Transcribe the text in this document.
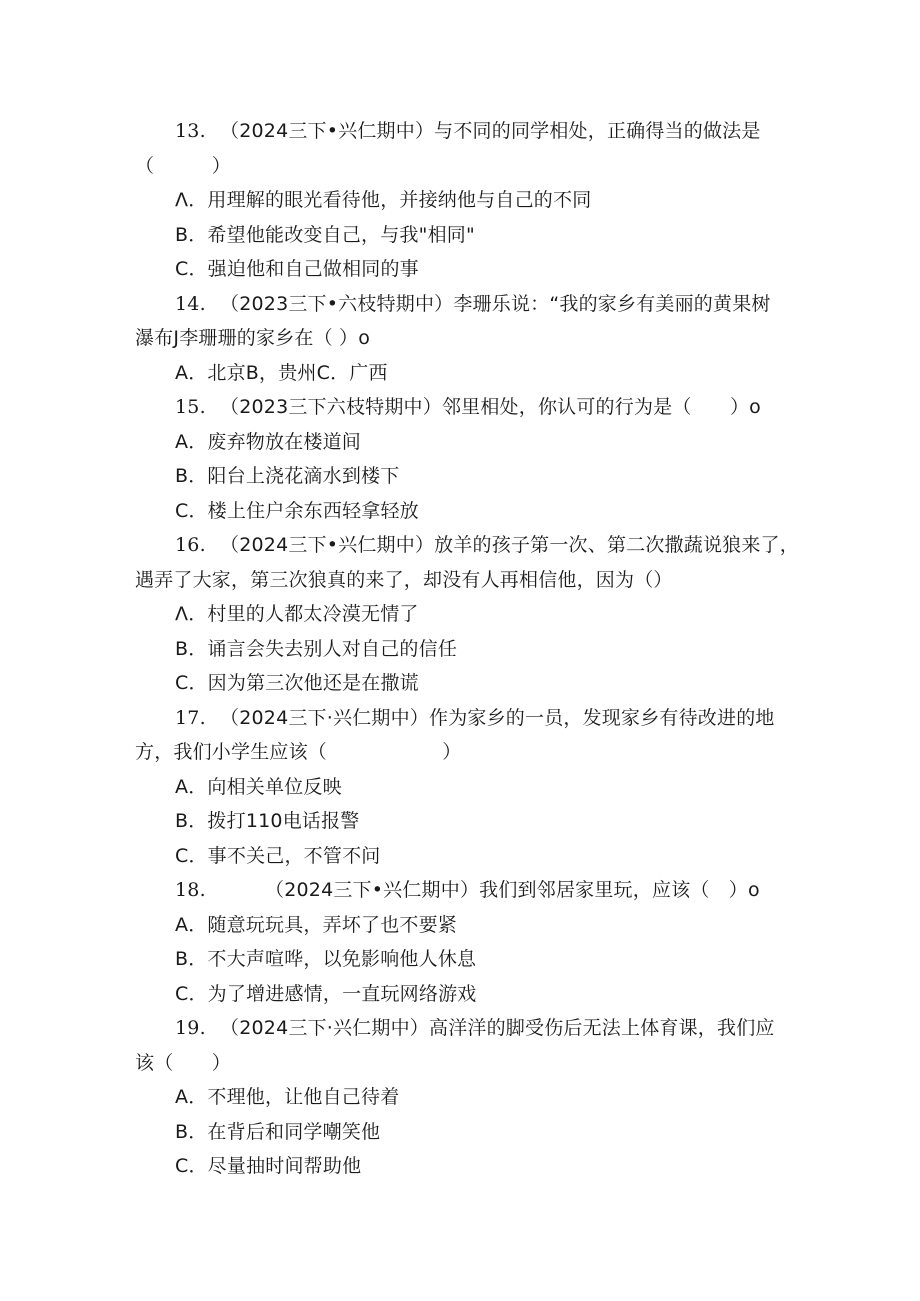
13. （2024三下•兴仁期中）与不同的同学相处，正确得当的做法是
（　　　）
Λ．用理解的眼光看待他，并接纳他与自己的不同
B．希望他能改变自己，与我"相同"
C．强迫他和自己做相同的事
14. （2023三下•六枝特期中）李珊乐说：“我的家乡有美丽的黄果树
瀑布J李珊珊的家乡在（ ）o
A．北京B，贵州C．广西
15. （2023三下六枝特期中）邻里相处，你认可的行为是（　　）o
A．废弃物放在楼道间
B．阳台上浇花滴水到楼下
C．楼上住户余东西轻拿轻放
16. （2024三下•兴仁期中）放羊的孩子第一次、第二次撒蔬说狼来了，
遇弄了大家，第三次狼真的来了，却没有人再相信他，因为（）
Λ．村里的人都太冷漠无情了
B．诵言会失去别人对自己的信任
C．因为第三次他还是在撒谎
17. （2024三下·兴仁期中）作为家乡的一员，发现家乡有待改进的地
方，我们小学生应该（　　　　　　）
A．向相关单位反映
B．拨打110电话报警
C．事不关己，不管不问
18.	（2024三下•兴仁期中）我们到邻居家里玩，应该（　）o
A．随意玩玩具，弄坏了也不要紧
B．不大声喧哗，以免影响他人休息
C．为了增进感情，一直玩网络游戏
19. （2024三下·兴仁期中）高洋洋的脚受伤后无法上体育课，我们应
该（　　）
A．不理他，让他自己待着
B．在背后和同学嘲笑他
C．尽量抽时间帮助他
